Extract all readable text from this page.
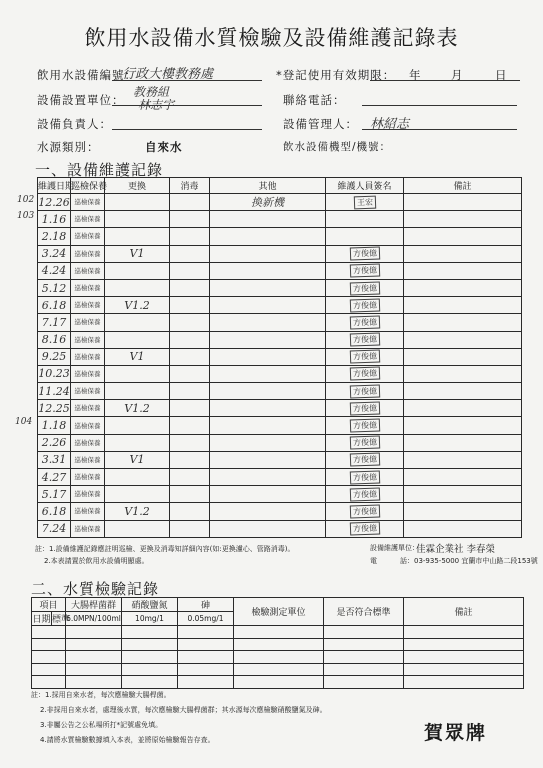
飲用水設備水質檢驗及設備維護記錄表
飲用水設備編號：
行政大樓教務處	*登記使用有效期限： 年	月	日
設備設置單位：
教務組
林志宇	聯絡電話：
設備負責人：	設備管理人： 林紹志
水源類別：	自來水	飲水設備機型/機號：
一、設備維護記錄
102
103
104
維護日期	巡檢保養	更換	消毒	其他	維護人員簽名	備註
12.26	巡檢保養			換新機	王宏	
1.16	巡檢保養					
2.18	巡檢保養					
3.24	巡檢保養	V1			方俊億	
4.24	巡檢保養				方俊億	
5.12	巡檢保養				方俊億	
6.18	巡檢保養	V1.2			方俊億	
7.17	巡檢保養				方俊億	
8.16	巡檢保養				方俊億	
9.25	巡檢保養	V1			方俊億	
10.23	巡檢保養				方俊億	
11.24	巡檢保養				方俊億	
12.25	巡檢保養	V1.2			方俊億	
1.18	巡檢保養				方俊億	
2.26	巡檢保養				方俊億	
3.31	巡檢保養	V1			方俊億	
4.27	巡檢保養				方俊億	
5.17	巡檢保養				方俊億	
6.18	巡檢保養	V1.2			方俊億	
7.24	巡檢保養				方俊億	
註：1.設備維護記錄應註明巡檢、更換及消毒知詳細內容(如:更換濾心、管路消毒)。
2.本表請置於飲用水設備明顯處。
設備維護單位：
佳霖企業社 李春榮
電	話：03-935-5000 宜蘭市中山路二段153號
二、水質檢驗記錄
項目		大腸桿菌群	硝酸鹽氮	砷	檢驗測定單位	是否符合標準	備註
日期	標準	6.0MPN/100ml	10mg/1	0.05mg/1			

註：1.採用自來水者，每次應檢驗大腸桿菌。
2.非採用自來水者，處理後水質，每次應檢驗大腸桿菌群；其水源每次應檢驗硝酸鹽氮及砷。
3.非屬公告之公私場所打*記號處免填。
4.請將水質檢驗數據填入本表，並將原始檢驗報告存查。	賀眾牌
